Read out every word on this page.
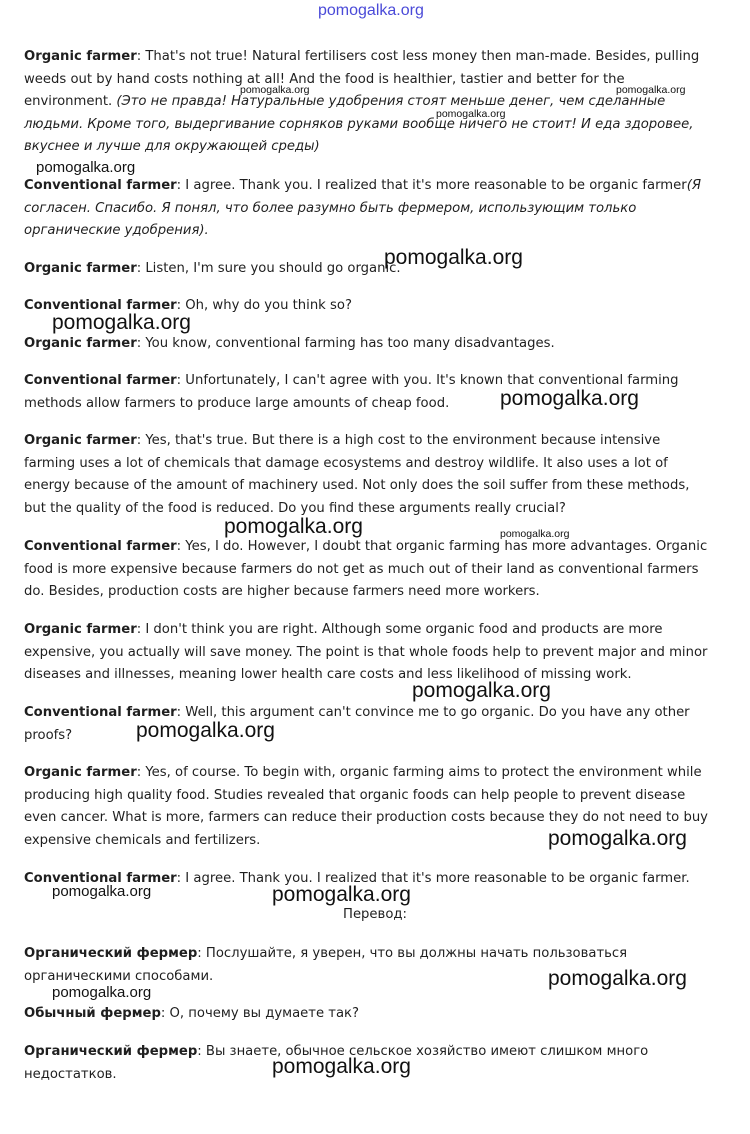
pomogalka.org

Organic farmer: That's not true! Natural fertilisers cost less money then man-made. Besides, pulling weeds out by hand costs nothing at all! And the food is healthier, tastier and better for the environment. (Это не правда! Натуральные удобрения стоят меньше денег, чем сделанные людьми. Кроме того, выдергивание сорняков руками вообще ничего не стоит! И еда здоровее, вкуснее и лучше для окружающей среды)

Conventional farmer: I agree. Thank you. I realized that it's more reasonable to be organic farmer(Я согласен. Спасибо. Я понял, что более разумно быть фермером, использующим только органические удобрения).

Organic farmer: Listen, I'm sure you should go organic.

Conventional farmer: Oh, why do you think so?

Organic farmer: You know, conventional farming has too many disadvantages.

Conventional farmer: Unfortunately, I can't agree with you. It's known that conventional farming methods allow farmers to produce large amounts of cheap food.

Organic farmer: Yes, that's true. But there is a high cost to the environment because intensive farming uses a lot of chemicals that damage ecosystems and destroy wildlife. It also uses a lot of energy because of the amount of machinery used. Not only does the soil suffer from these methods, but the quality of the food is reduced. Do you find these arguments really crucial?

Conventional farmer: Yes, I do. However, I doubt that organic farming has more advantages. Organic food is more expensive because farmers do not get as much out of their land as conventional farmers do. Besides, production costs are higher because farmers need more workers.

Organic farmer: I don't think you are right. Although some organic food and products are more expensive, you actually will save money. The point is that whole foods help to prevent major and minor diseases and illnesses, meaning lower health care costs and less likelihood of missing work.

Conventional farmer: Well, this argument can't convince me to go organic. Do you have any other proofs?

Organic farmer: Yes, of course. To begin with, organic farming aims to protect the environment while producing high quality food. Studies revealed that organic foods can help people to prevent disease even cancer. What is more, farmers can reduce their production costs because they do not need to buy expensive chemicals and fertilizers.

Conventional farmer: I agree. Thank you. I realized that it's more reasonable to be organic farmer.

Перевод:

Органический фермер: Послушайте, я уверен, что вы должны начать пользоваться органическими способами.

Обычный фермер: О, почему вы думаете так?

Органический фермер: Вы знаете, обычное сельское хозяйство имеют слишком много недостатков.

pomogalka.org	pomogalka.org
pomogalka.org
pomogalka.org
pomogalka.org
pomogalka.org
pomogalka.org
pomogalka.org	pomogalka.org
pomogalka.org
pomogalka.org
pomogalka.org
pomogalka.org	pomogalka.org
pomogalka.org
pomogalka.org
pomogalka.org
